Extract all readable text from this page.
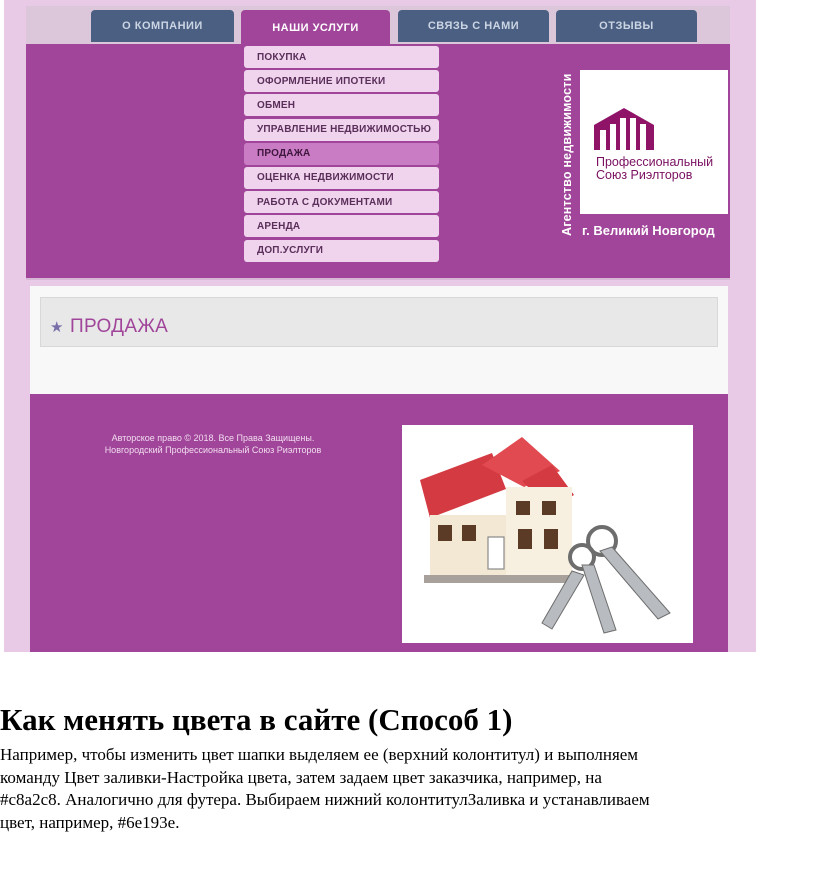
О КОМПАНИИ	НАШИ УСЛУГИ	СВЯЗЬ С НАМИ	ОТЗЫВЫ
ПОКУПКА
ОФОРМЛЕНИЕ ИПОТЕКИ
ОБМЕН
УПРАВЛЕНИЕ НЕДВИЖИМОСТЬЮ
ПРОДАЖА
ОЦЕНКА НЕДВИЖИМОСТИ
РАБОТА С ДОКУМЕНТАМИ
АРЕНДА
ДОП.УСЛУГИ
Агентство недвижимости Профессиональный
Союз Риэлторов
г. Великий Новгород
★ ПРОДАЖА
Авторское право © 2018. Все Права Защищены.
Новгородский Профессиональный Союз Риэлторов
Как менять цвета в сайте (Способ 1)
Например, чтобы изменить цвет шапки выделяем ее (верхний колонтитул) и выполняем команду Цвет заливки-Настройка цвета, затем задаем цвет заказчика, например, на #c8a2c8. Аналогично для футера. Выбираем нижний колонтитулЗаливка и устанавливаем цвет, например, #6e193e.
